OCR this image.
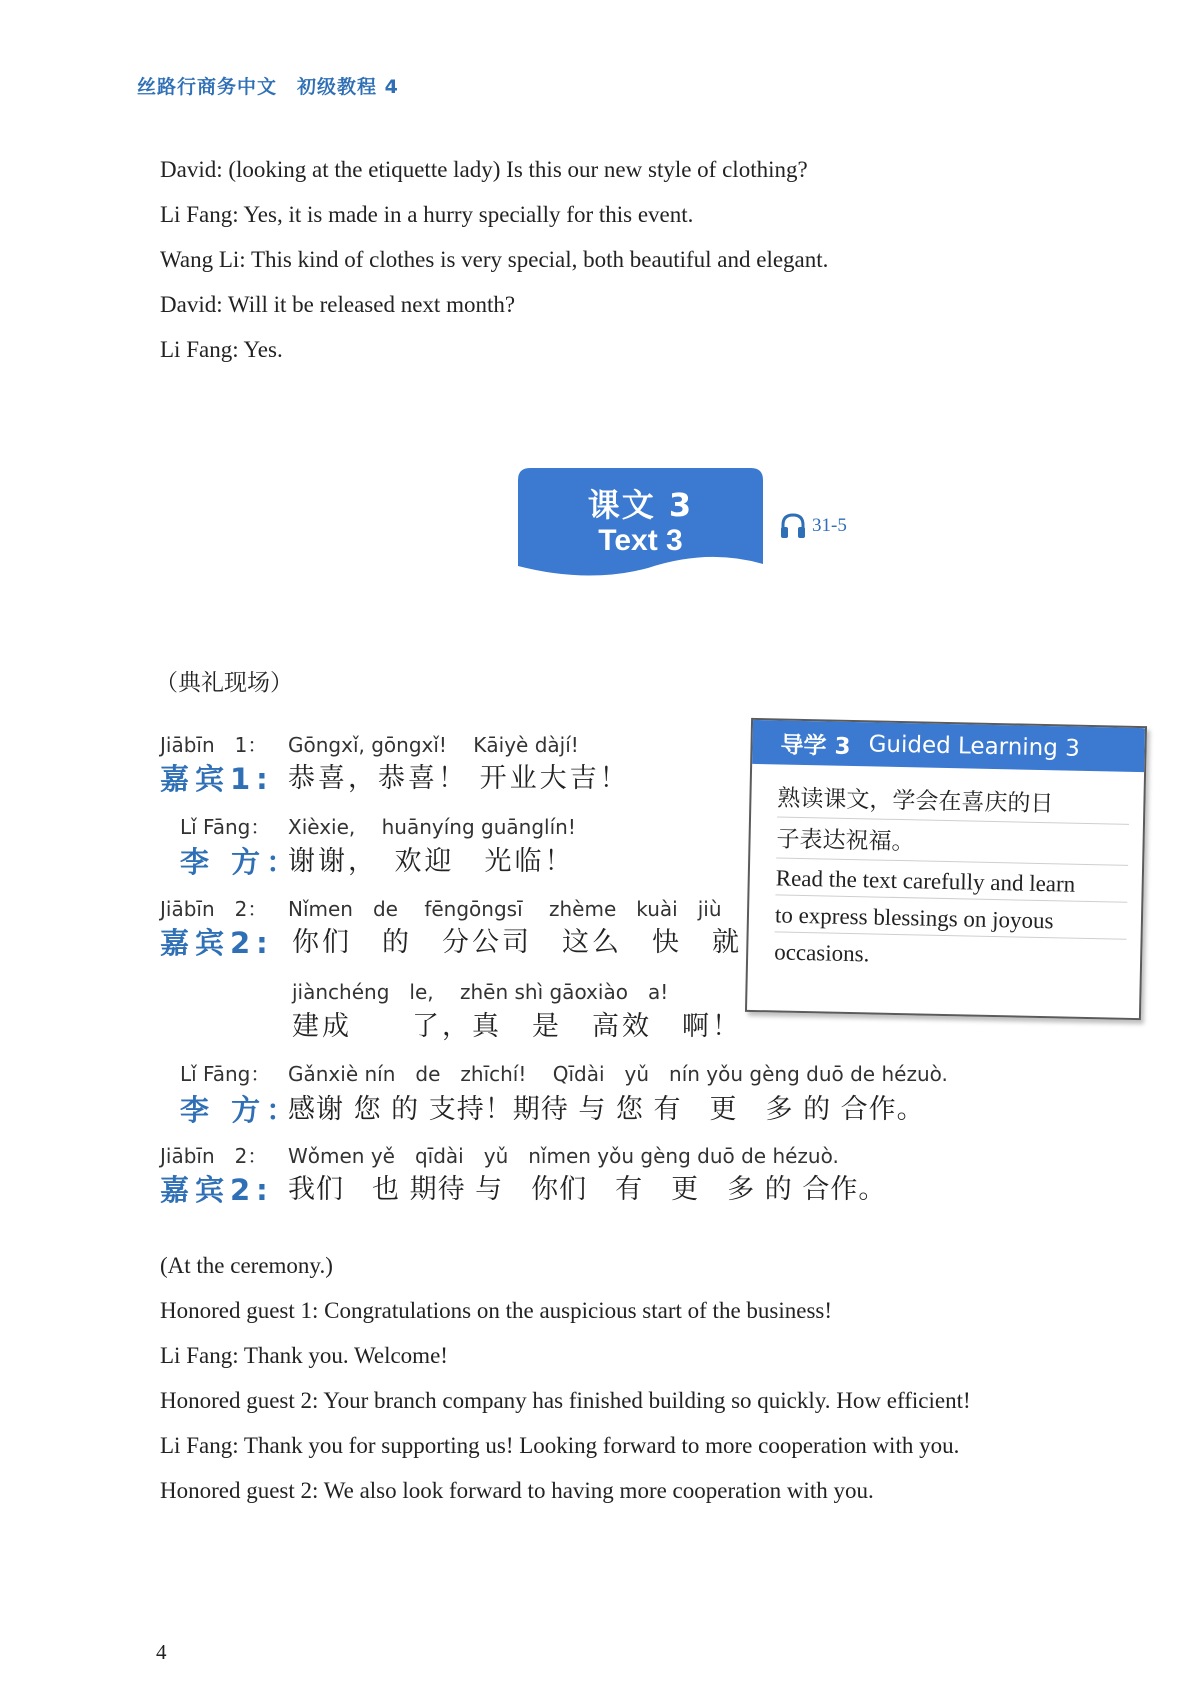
丝路行商务中文　初级教程 4
David: (looking at the etiquette lady) Is this our new style of clothing?
Li Fang: Yes, it is made in a hurry specially for this event.
Wang Li: This kind of clothes is very special, both beautiful and elegant.
David: Will it be released next month?
Li Fang: Yes.
课文 3
Text 3	31-5
（典礼现场）
Jiābīn　1： Gōngxǐ, gōngxǐ!　 Kāiyè dàjí!
嘉宾1: 恭喜，恭喜！ 开业大吉！
Lǐ Fāng： Xièxie,　 huānyíng guānglín!
李 方：
谢谢，　欢迎　光临！
Jiābīn　2： Nǐmen　de　 fēngōngsī　 zhème　kuài　jiù
嘉宾2: 你们　的　分公司　这么　快　就
jiànchéng　le,　 zhēn shì gāoxiào　a!
建成　　了，真　是　高效　啊！
Lǐ Fāng： Gǎnxiè nín　de　zhīchí!　 Qīdài　yǔ　nín yǒu gèng duō de hézuò.
李 方：
感谢 您 的 支持！期待 与 您 有　更　多 的 合作。
Jiābīn　2： Wǒmen yě　qīdài　yǔ　nǐmen yǒu gèng duō de hézuò.
嘉宾2: 我们　也 期待 与　你们　有　更　多 的 合作。
导学 3 Guided Learning 3
熟读课文，学会在喜庆的日
子表达祝福。
Read the text carefully and learn
to express blessings on joyous
occasions.
(At the ceremony.)
Honored guest 1: Congratulations on the auspicious start of the business!
Li Fang: Thank you. Welcome!
Honored guest 2: Your branch company has finished building so quickly. How efficient!
Li Fang: Thank you for supporting us! Looking forward to more cooperation with you.
Honored guest 2: We also look forward to having more cooperation with you.
4
